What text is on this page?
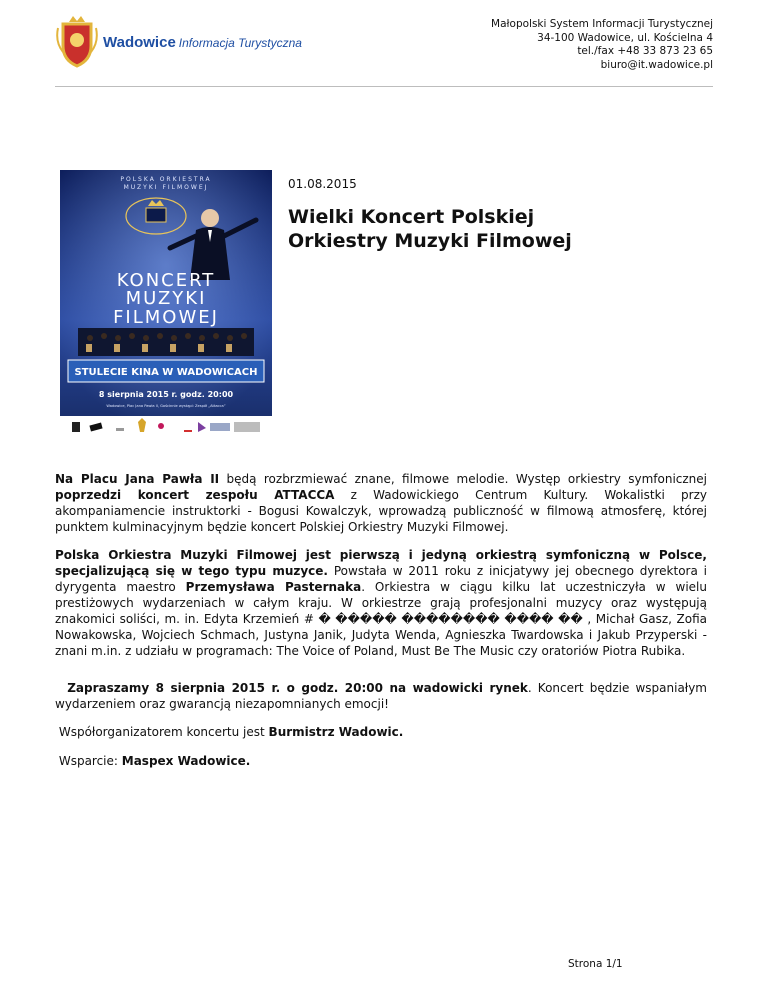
Wadowice Informacja Turystyczna
Małopolski System Informacji Turystycznej
34-100 Wadowice, ul. Kościelna 4
tel./fax +48 33 873 23 65
biuro@it.wadowice.pl
POLSKA ORKIESTRA
MUZYKI FILMOWEJ
KONCERT
MUZYKI
FILMOWEJ
STULECIE KINA W WADOWICACH
8 sierpnia 2015 r. godz. 20:00
Wadowice, Plac Jana Pawła II, Gościnnie wystąpi: Zespół „Attacca”
01.08.2015
Wielki Koncert Polskiej
Orkiestry Muzyki Filmowej

Na Placu Jana Pawła II będą rozbrzmiewać znane, filmowe melodie. Występ orkiestry symfonicznej poprzedzi koncert zespołu ATTACCA z Wadowickiego Centrum Kultury. Wokalistki przy akompaniamencie instruktorki - Bogusi Kowalczyk, wprowadzą publiczność w filmową atmosferę, której punktem kulminacyjnym będzie koncert Polskiej Orkiestry Muzyki Filmowej.

Polska Orkiestra Muzyki Filmowej jest pierwszą i jedyną orkiestrą symfoniczną w Polsce, specjalizującą się w tego typu muzyce. Powstała w 2011 roku z inicjatywy jej obecnego dyrektora i dyrygenta maestro Przemysława Pasternaka. Orkiestra w ciągu kilku lat uczestniczyła w wielu prestiżowych wydarzeniach w całym kraju. W orkiestrze grają profesjonalni muzycy oraz występują znakomici soliści, m. in. Edyta Krzemień # � ����� �������� ���� �� , Michał Gasz, Zofia Nowakowska, Wojciech Schmach, Justyna Janik, Judyta Wenda, Agnieszka Twardowska i Jakub Przyperski - znani m.in. z udziału w programach: The Voice of Poland, Must Be The Music czy oratoriów Piotra Rubika.

Zapraszamy 8 sierpnia 2015 r. o godz. 20:00 na wadowicki rynek. Koncert będzie wspaniałym wydarzeniem oraz gwarancją niezapomnianych emocji!

Współorganizatorem koncertu jest Burmistrz Wadowic.

Wsparcie: Maspex Wadowice.

Strona 1/1
